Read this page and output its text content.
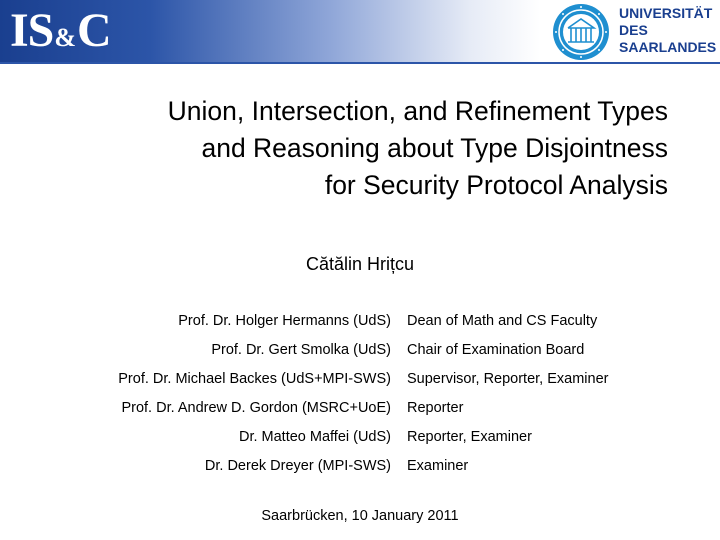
IS & C	UNIVERSITÄT
DES
SAARLANDES
Union, Intersection, and Refinement Types
and Reasoning about Type Disjointness
for Security Protocol Analysis
Cătălin Hrițcu
Prof. Dr. Holger Hermanns (UdS) Dean of Math and CS Faculty
Prof. Dr. Gert Smolka (UdS) Chair of Examination Board
Prof. Dr. Michael Backes (UdS+MPI-SWS) Supervisor, Reporter, Examiner
Prof. Dr. Andrew D. Gordon (MSRC+UoE) Reporter
Dr. Matteo Maffei (UdS) Reporter, Examiner
Dr. Derek Dreyer (MPI-SWS) Examiner
Saarbrücken, 10 January 2011
